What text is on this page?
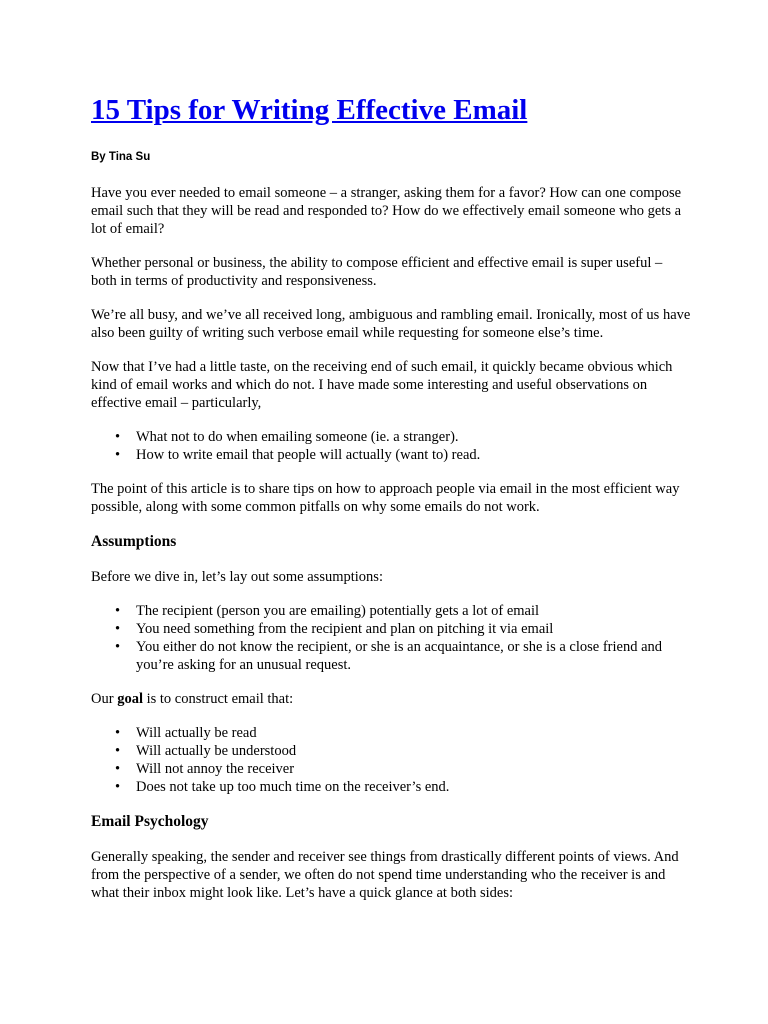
15 Tips for Writing Effective Email
By Tina Su

Have you ever needed to email someone – a stranger, asking them for a favor? How can one compose email such that they will be read and responded to? How do we effectively email someone who gets a lot of email?

Whether personal or business, the ability to compose efficient and effective email is super useful – both in terms of productivity and responsiveness.

We’re all busy, and we’ve all received long, ambiguous and rambling email. Ironically, most of us have also been guilty of writing such verbose email while requesting for someone else’s time.

Now that I’ve had a little taste, on the receiving end of such email, it quickly became obvious which kind of email works and which do not. I have made some interesting and useful observations on effective email – particularly,

• What not to do when emailing someone (ie. a stranger).
• How to write email that people will actually (want to) read.

The point of this article is to share tips on how to approach people via email in the most efficient way possible, along with some common pitfalls on why some emails do not work.

Assumptions

Before we dive in, let’s lay out some assumptions:

• The recipient (person you are emailing) potentially gets a lot of email
• You need something from the recipient and plan on pitching it via email
• You either do not know the recipient, or she is an acquaintance, or she is a close friend and you’re asking for an unusual request.

Our goal is to construct email that:

• Will actually be read
• Will actually be understood
• Will not annoy the receiver
• Does not take up too much time on the receiver’s end.
Email Psychology

Generally speaking, the sender and receiver see things from drastically different points of views. And from the perspective of a sender, we often do not spend time understanding who the receiver is and what their inbox might look like. Let’s have a quick glance at both sides:
